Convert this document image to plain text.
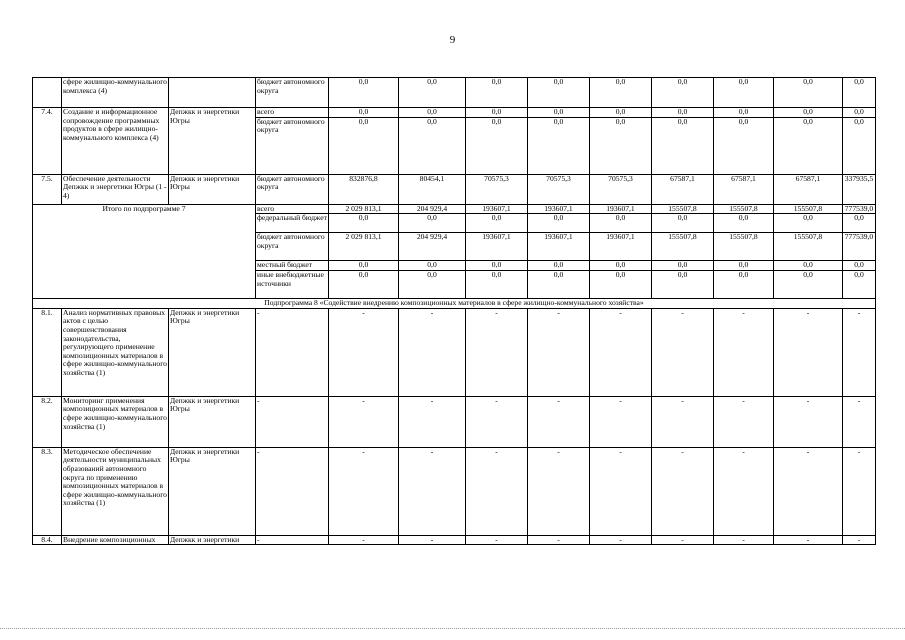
9
	сфере жилищно-коммунального комплекса (4)		бюджет автономного округа	0,0	0,0	0,0	0,0	0,0	0,0	0,0	0,0	0,0
7.4.	Создание и информационное сопровождение программных продуктов в сфере жилищно-коммунального комплекса (4)	Депжкк и энергетики Югры	всего	0,0	0,0	0,0	0,0	0,0	0,0	0,0	0,0	0,0
			бюджет автономного округа	0,0	0,0	0,0	0,0	0,0	0,0	0,0	0,0	0,0
7.5.	Обеспечение деятельности Депжкк и энергетики Югры (1 - 4)	Депжкк и энергетики Югры	бюджет автономного округа	832876,8	80454,1	70575,3	70575,3	70575,3	67587,1	67587,1	67587,1	337935,5
Итого по подпрограмме 7			всего	2 029 813,1	204 929,4	193607,1	193607,1	193607,1	155507,8	155507,8	155507,8	777539,0
			федеральный бюджет	0,0	0,0	0,0	0,0	0,0	0,0	0,0	0,0	0,0
			бюджет автономного округа	2 029 813,1	204 929,4	193607,1	193607,1	193607,1	155507,8	155507,8	155507,8	777539,0
			местный бюджет	0,0	0,0	0,0	0,0	0,0	0,0	0,0	0,0	0,0
			иные внебюджетные источники	0,0	0,0	0,0	0,0	0,0	0,0	0,0	0,0	0,0
Подпрограмма 8 «Содействие внедрению композиционных материалов в сфере жилищно-коммунального хозяйства»												
8.1.	Анализ нормативных правовых актов с целью совершенствования законодательства, регулирующего применение композиционных материалов в сфере жилищно-коммунального хозяйства (1)	Депжкк и энергетики Югры	-	-	-	-	-	-	-	-	-	-
8.2.	Мониторинг применения композиционных материалов в сфере жилищно-коммунального хозяйства (1)	Депжкк и энергетики Югры	-	-	-	-	-	-	-	-	-	-
8.3.	Методическое обеспечение деятельности муниципальных образований автономного округа по применению композиционных материалов в сфере жилищно-коммунального хозяйства (1)	Депжкк и энергетики Югры	-	-	-	-	-	-	-	-	-	-
8.4.	Внедрение композиционных	Депжкк и энергетики	-	-	-	-	-	-	-	-	-	-
